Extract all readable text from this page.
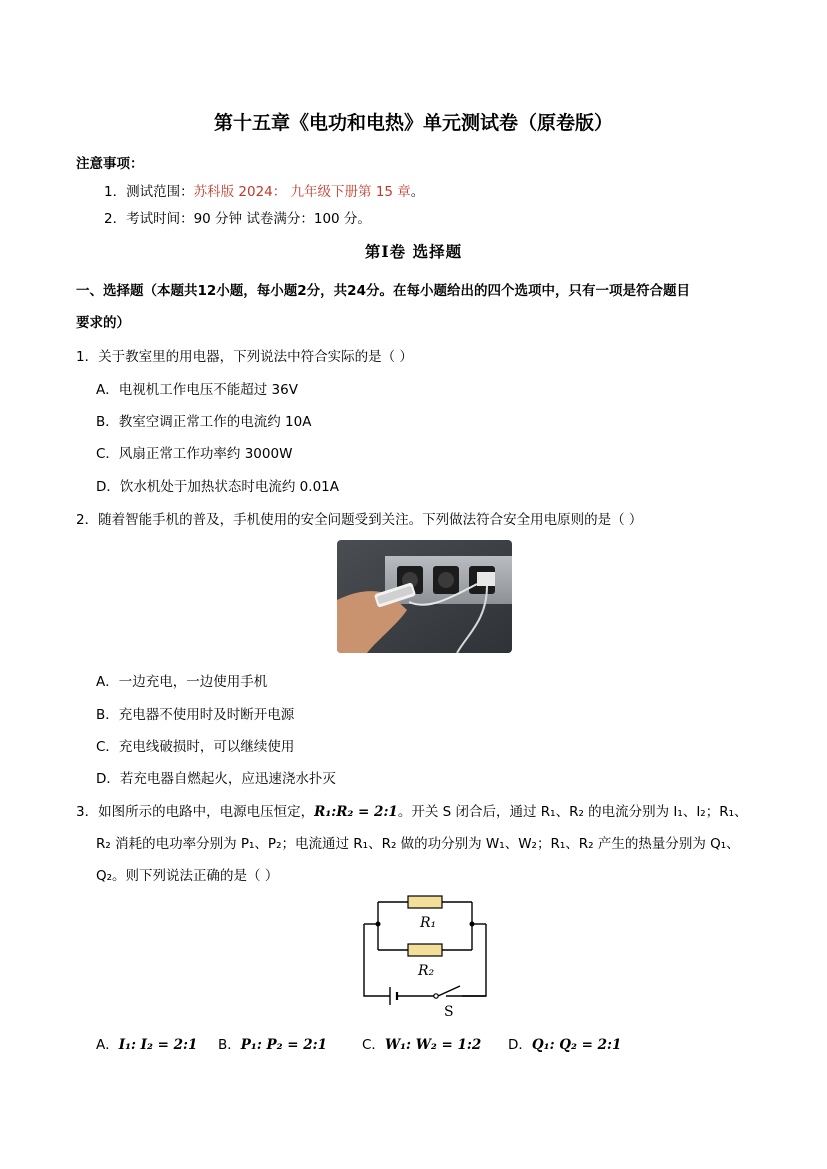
第十五章《电功和电热》单元测试卷（原卷版）
注意事项：
1．测试范围：苏科版 2024： 九年级下册第 15 章。
2．考试时间：90 分钟 试卷满分：100 分。
第Ⅰ卷 选择题
一、选择题（本题共12小题，每小题2分，共24分。在每小题给出的四个选项中，只有一项是符合题目
要求的）
1．关于教室里的用电器，下列说法中符合实际的是（ ）
A．电视机工作电压不能超过 36V
B．教室空调正常工作的电流约 10A
C．风扇正常工作功率约 3000W
D．饮水机处于加热状态时电流约 0.01A
2．随着智能手机的普及，手机使用的安全问题受到关注。下列做法符合安全用电原则的是（ ）
A．一边充电，一边使用手机
B．充电器不使用时及时断开电源
C．充电线破损时，可以继续使用
D．若充电器自燃起火，应迅速浇水扑灭
3．如图所示的电路中，电源电压恒定，R₁:R₂ = 2:1。开关 S 闭合后，通过 R₁、R₂ 的电流分别为 I₁、I₂；R₁、
R₂ 消耗的电功率分别为 P₁、P₂；电流通过 R₁、R₂ 做的功分别为 W₁、W₂；R₁、R₂ 产生的热量分别为 Q₁、
Q₂。则下列说法正确的是（ ）
R₁
R₂
S
A．I₁: I₂ = 2:1 B．P₁: P₂ = 2:1	C．W₁: W₂ = 1:2 D．Q₁: Q₂ = 2:1
